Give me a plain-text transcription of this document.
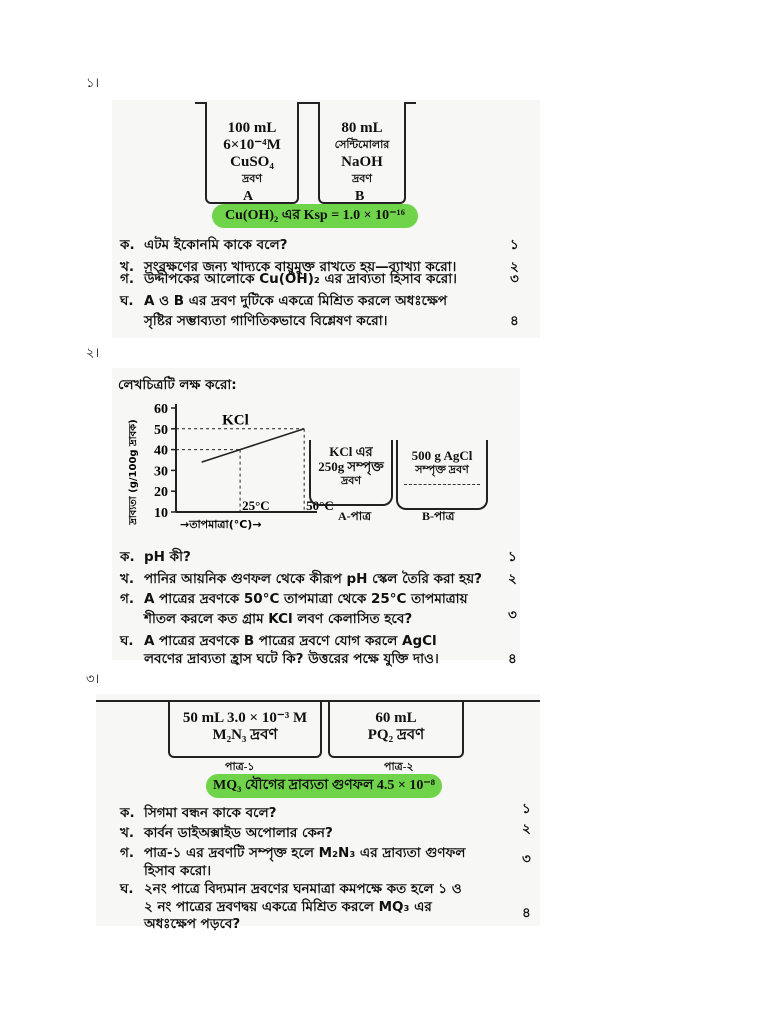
১।
100 mL
6×10⁻⁴M
CuSO₄
দ্রবণ
A
80 mL
সেন্টিমোলার
NaOH
দ্রবণ
B
Cu(OH)₂ এর Ksp = 1.0 × 10⁻¹⁶
ক. এটম ইকোনমি কাকে বলে?	১
খ. সংরক্ষণের জন্য খাদ্যকে বায়ুমুক্ত রাখতে হয়—ব্যাখ্যা করো।	২
গ. উদ্দীপকের আলোকে Cu(OH)₂ এর দ্রাব্যতা হিসাব করো।	৩
ঘ. A ও B এর দ্রবণ দুটিকে একত্রে মিশ্রিত করলে অধঃক্ষেপ
সৃষ্টির সম্ভাব্যতা গাণিতিকভাবে বিশ্লেষণ করো।	৪
২।
লেখচিত্রটি লক্ষ করো:
10
20
30
40
50
60
দ্রাব্যতা (g/100g দ্রাবক)	KCl
25°C	50°C
→তাপমাত্রা(°C)→
KCl এর
250g সম্পৃক্ত
দ্রবণ
A-পাত্র
500 g AgCl
সম্পৃক্ত দ্রবণ
B-পাত্র
ক. pH কী?	১
খ. পানির আয়নিক গুণফল থেকে কীরূপ pH স্কেল তৈরি করা হয়? ২
গ. A পাত্রের দ্রবণকে 50°C তাপমাত্রা থেকে 25°C তাপমাত্রায়
শীতল করলে কত গ্রাম KCl লবণ কেলাসিত হবে?	৩
ঘ. A পাত্রের দ্রবণকে B পাত্রের দ্রবণে যোগ করলে AgCl
লবণের দ্রাব্যতা হ্রাস ঘটে কি? উত্তরের পক্ষে যুক্তি দাও।	৪
৩।
50 mL 3.0 × 10⁻³ M
M₂N₃ দ্রবণ
পাত্র-১
60 mL
PQ₂ দ্রবণ
পাত্র-২
MQ₃ যৌগের দ্রাব্যতা গুণফল 4.5 × 10⁻⁸
ক. সিগমা বন্ধন কাকে বলে?	১
খ. কার্বন ডাইঅক্সাইড অপোলার কেন?	২
গ. পাত্র-১ এর দ্রবণটি সম্পৃক্ত হলে M₂N₃ এর দ্রাব্যতা গুণফল
হিসাব করো।
৩
ঘ. ২নং পাত্রে বিদ্যমান দ্রবণের ঘনমাত্রা কমপক্ষে কত হলে ১ ও
২ নং পাত্রের দ্রবণদ্বয় একত্রে মিশ্রিত করলে MQ₃ এর
অধঃক্ষেপ পড়বে?
৪
